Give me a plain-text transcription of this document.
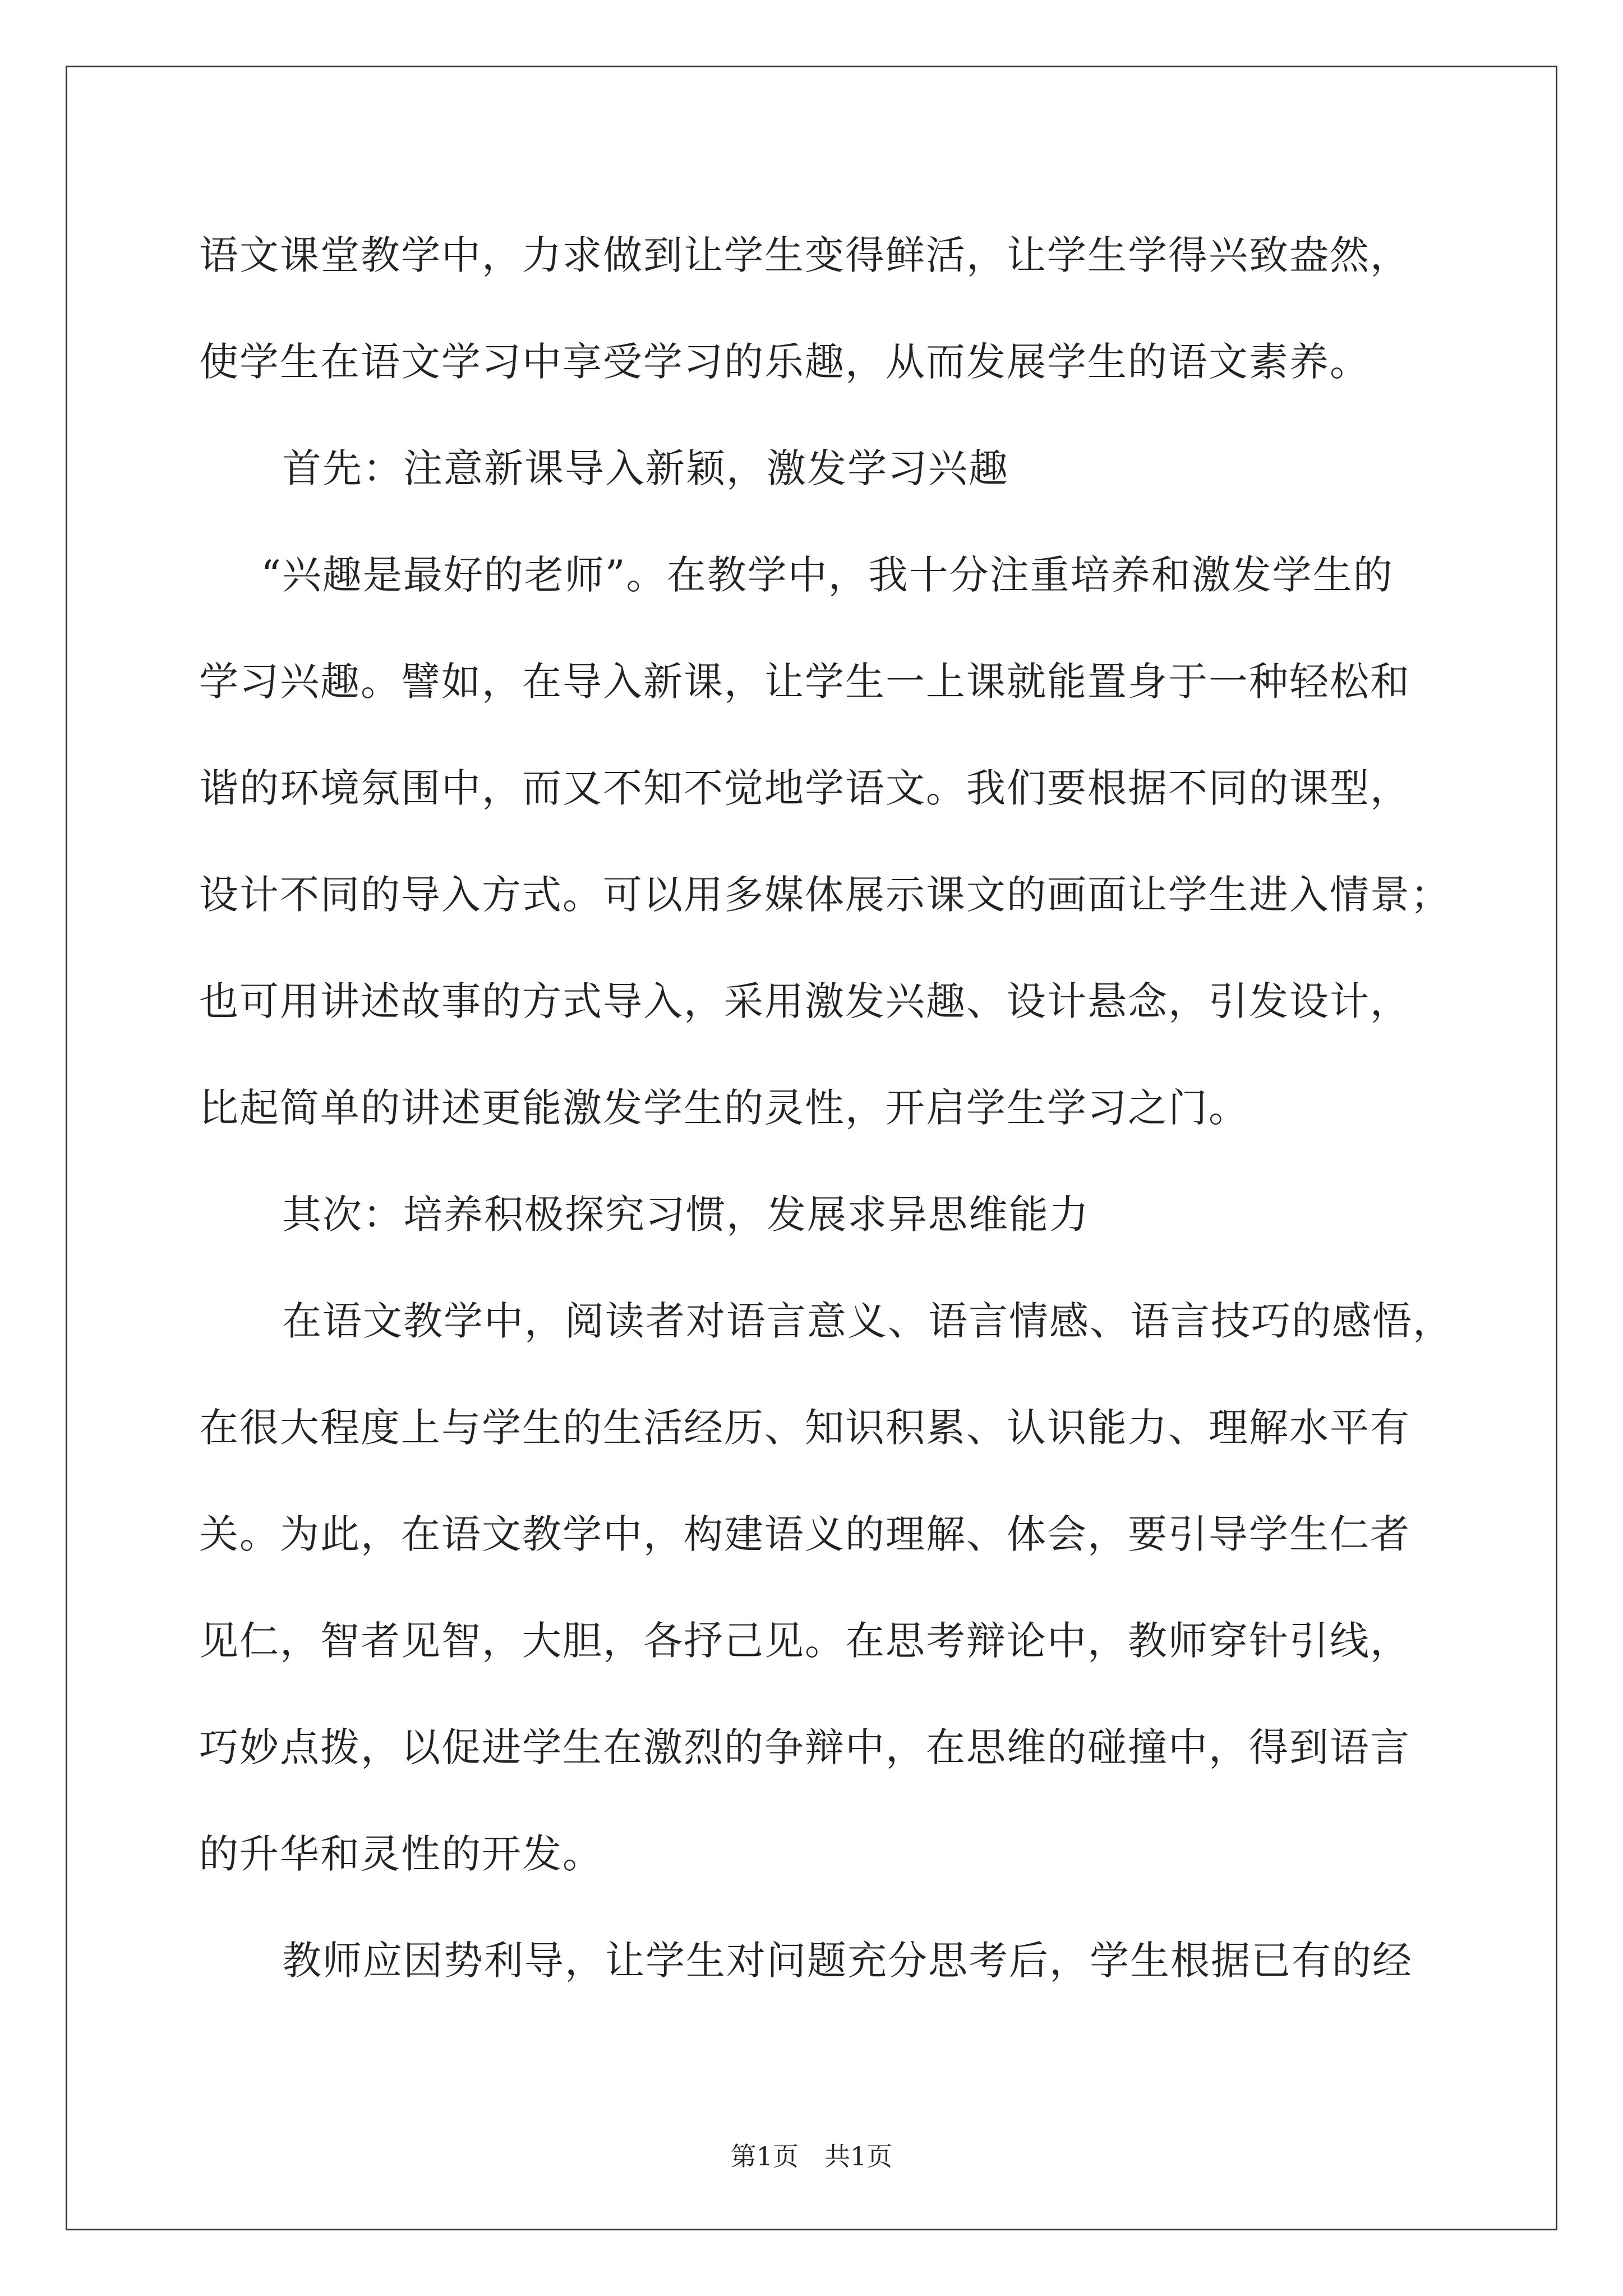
语文课堂教学中，力求做到让学生变得鲜活，让学生学得兴致盎然，
使学生在语文学习中享受学习的乐趣，从而发展学生的语文素养。
首先：注意新课导入新颖，激发学习兴趣
“兴趣是最好的老师”。在教学中，我十分注重培养和激发学生的
学习兴趣。譬如，在导入新课，让学生一上课就能置身于一种轻松和
谐的环境氛围中，而又不知不觉地学语文。我们要根据不同的课型，
设计不同的导入方式。可以用多媒体展示课文的画面让学生进入情景；
也可用讲述故事的方式导入，采用激发兴趣、设计悬念，引发设计，
比起简单的讲述更能激发学生的灵性，开启学生学习之门。
其次：培养积极探究习惯，发展求异思维能力
在语文教学中，阅读者对语言意义、语言情感、语言技巧的感悟，
在很大程度上与学生的生活经历、知识积累、认识能力、理解水平有
关。为此，在语文教学中，构建语义的理解、体会，要引导学生仁者
见仁，智者见智，大胆，各抒己见。在思考辩论中，教师穿针引线，
巧妙点拨，以促进学生在激烈的争辩中，在思维的碰撞中，得到语言
的升华和灵性的开发。
教师应因势利导，让学生对问题充分思考后，学生根据已有的经
第1页　共1页
